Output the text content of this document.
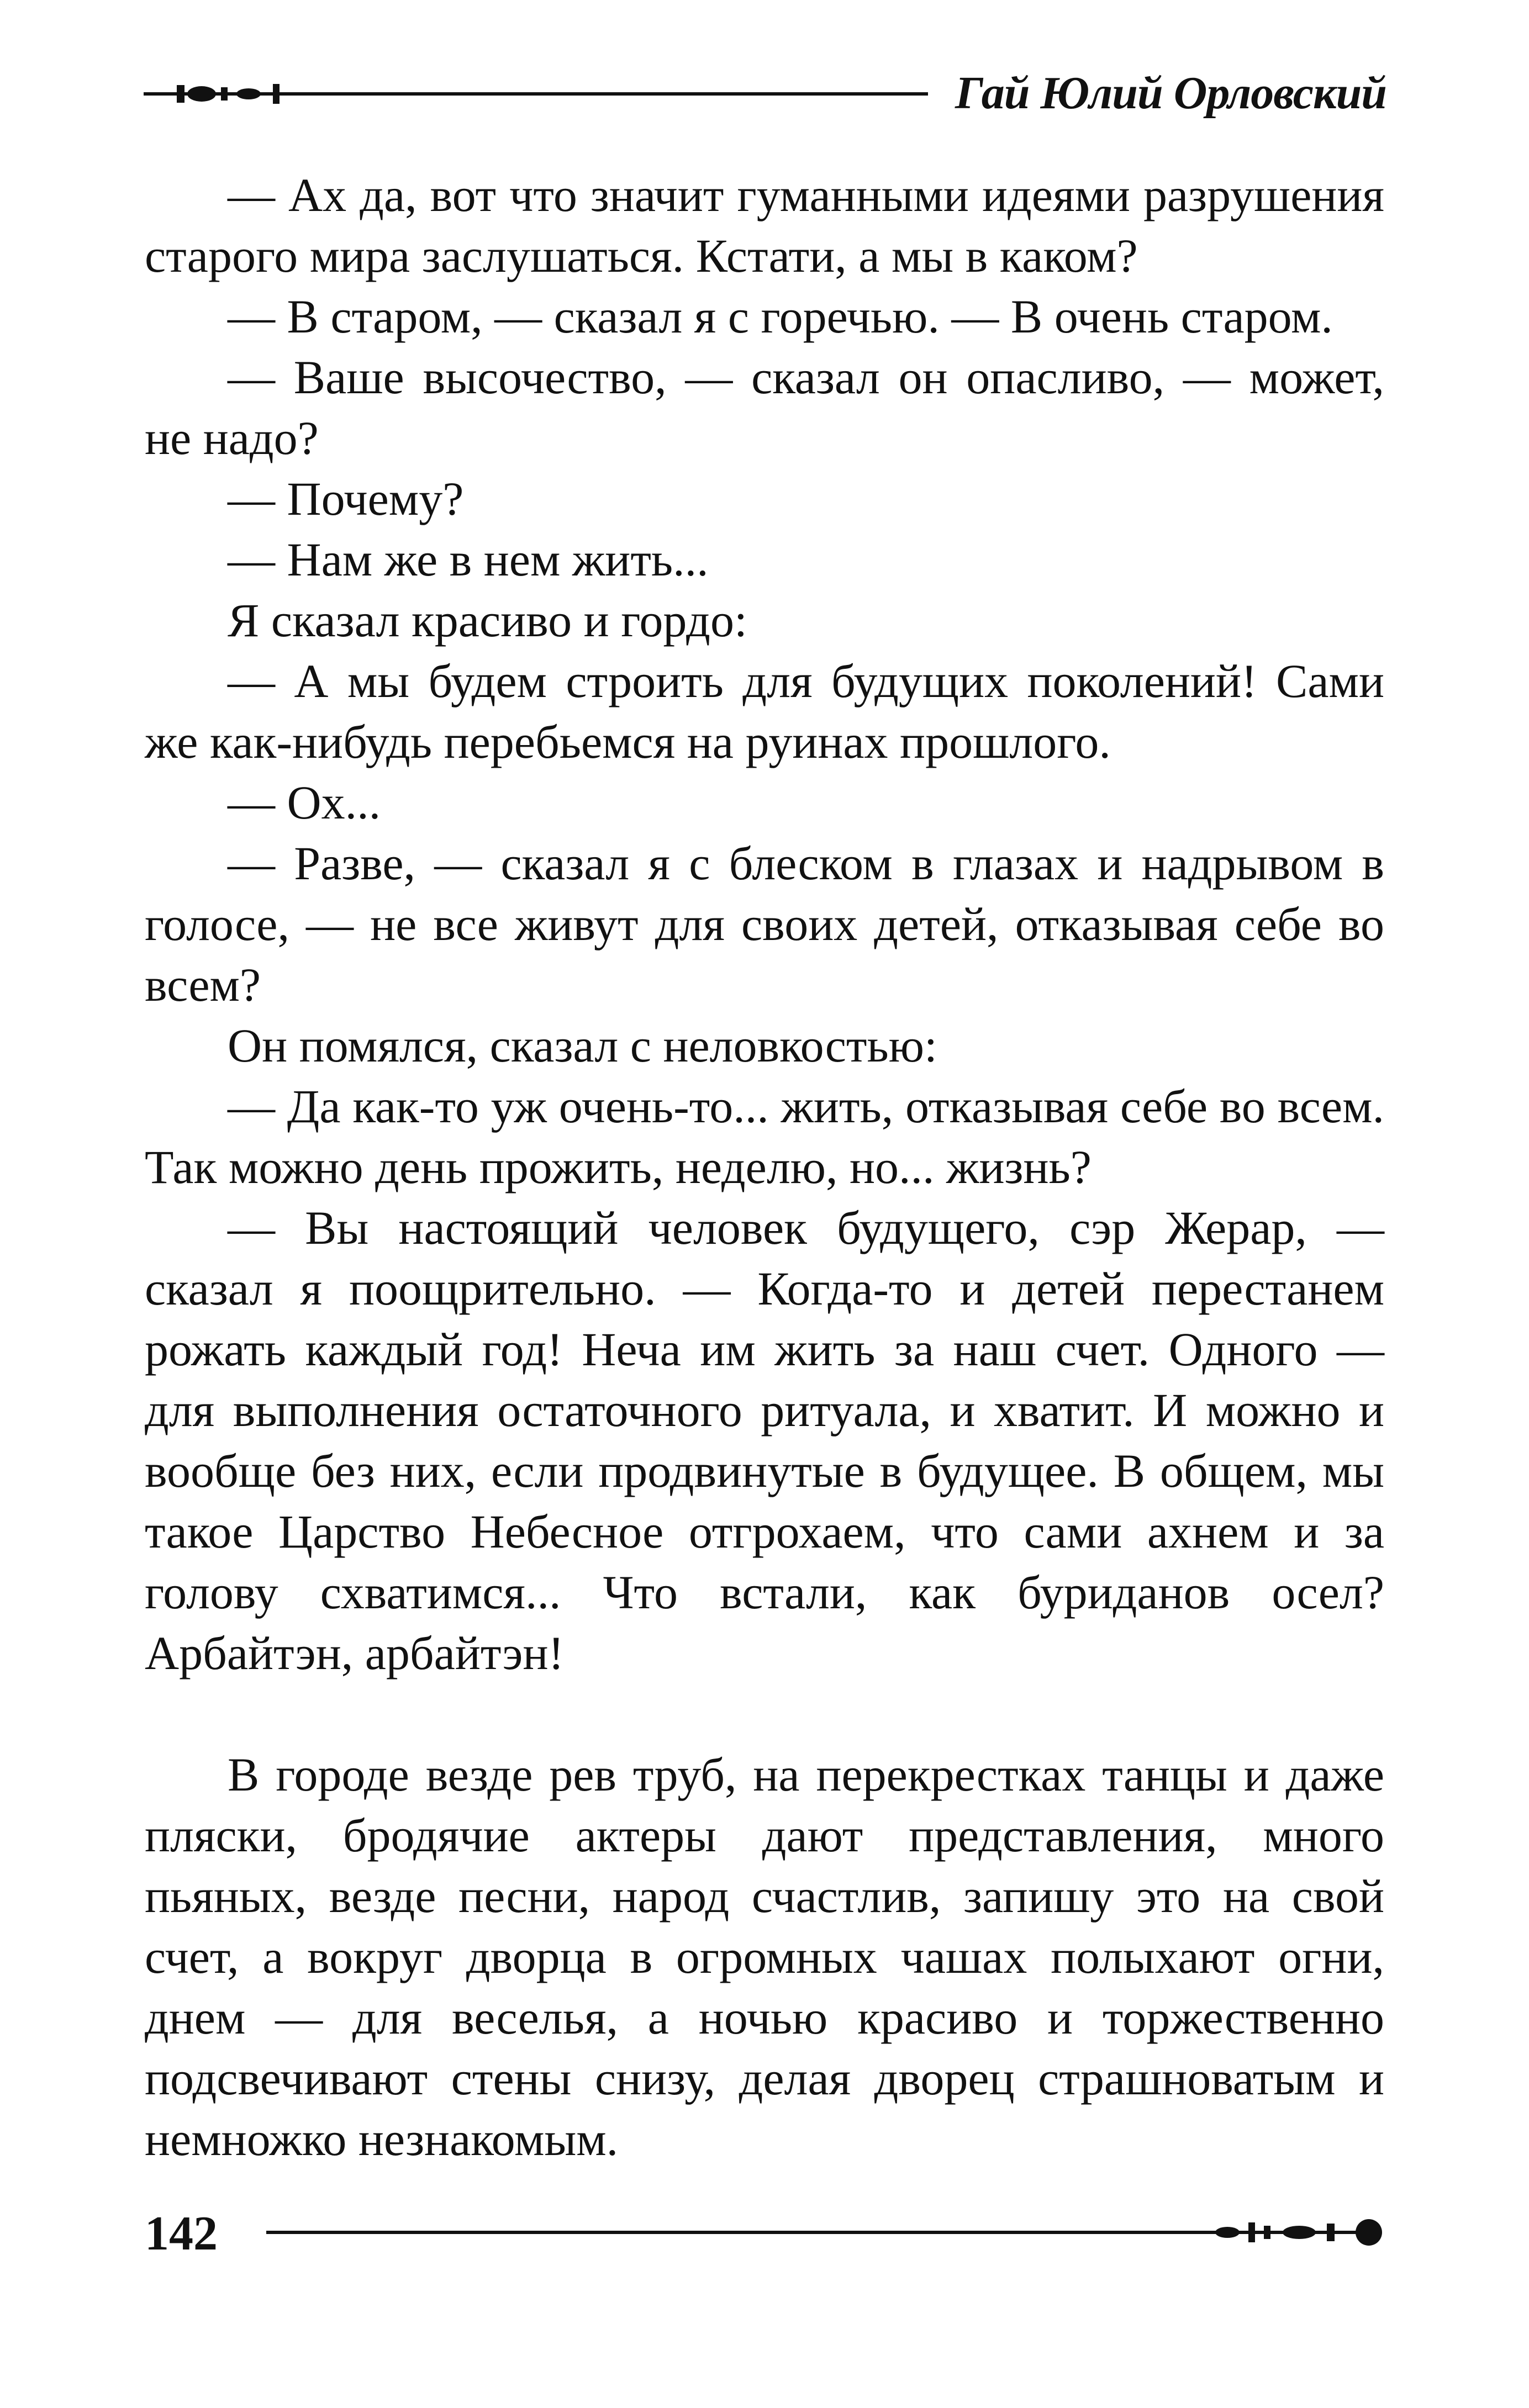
Гай Юлий Орловский

— Ах да, вот что значит гуманными идеями разрушения старого мира заслушаться. Кстати, а мы в каком?

— В старом, — сказал я с горечью. — В очень старом.

— Ваше высочество, — сказал он опасливо, — может, не надо?

— Почему?

— Нам же в нем жить...

Я сказал красиво и гордо:

— А мы будем строить для будущих поколений! Сами же как-нибудь перебьемся на руинах прошлого.

— Ох...

— Разве, — сказал я с блеском в глазах и надрывом в голосе, — не все живут для своих детей, отказывая себе во всем?

Он помялся, сказал с неловкостью:

— Да как-то уж очень-то... жить, отказывая себе во всем. Так можно день прожить, неделю, но... жизнь?

— Вы настоящий человек будущего, сэр Жерар, — сказал я поощрительно. — Когда-то и детей перестанем рожать каждый год! Неча им жить за наш счет. Одного — для выполнения остаточного ритуала, и хватит. И можно и вообще без них, если продвинутые в будущее. В общем, мы такое Царство Небесное отгрохаем, что сами ахнем и за голову схватимся... Что встали, как буриданов осел? Арбайтэн, арбайтэн!

В городе везде рев труб, на перекрестках танцы и даже пляски, бродячие актеры дают представления, много пьяных, везде песни, народ счастлив, запишу это на свой счет, а вокруг дворца в огромных чашах полыхают огни, днем — для веселья, а ночью красиво и торжественно подсвечивают стены снизу, делая дворец страшноватым и немножко незнакомым.

142
